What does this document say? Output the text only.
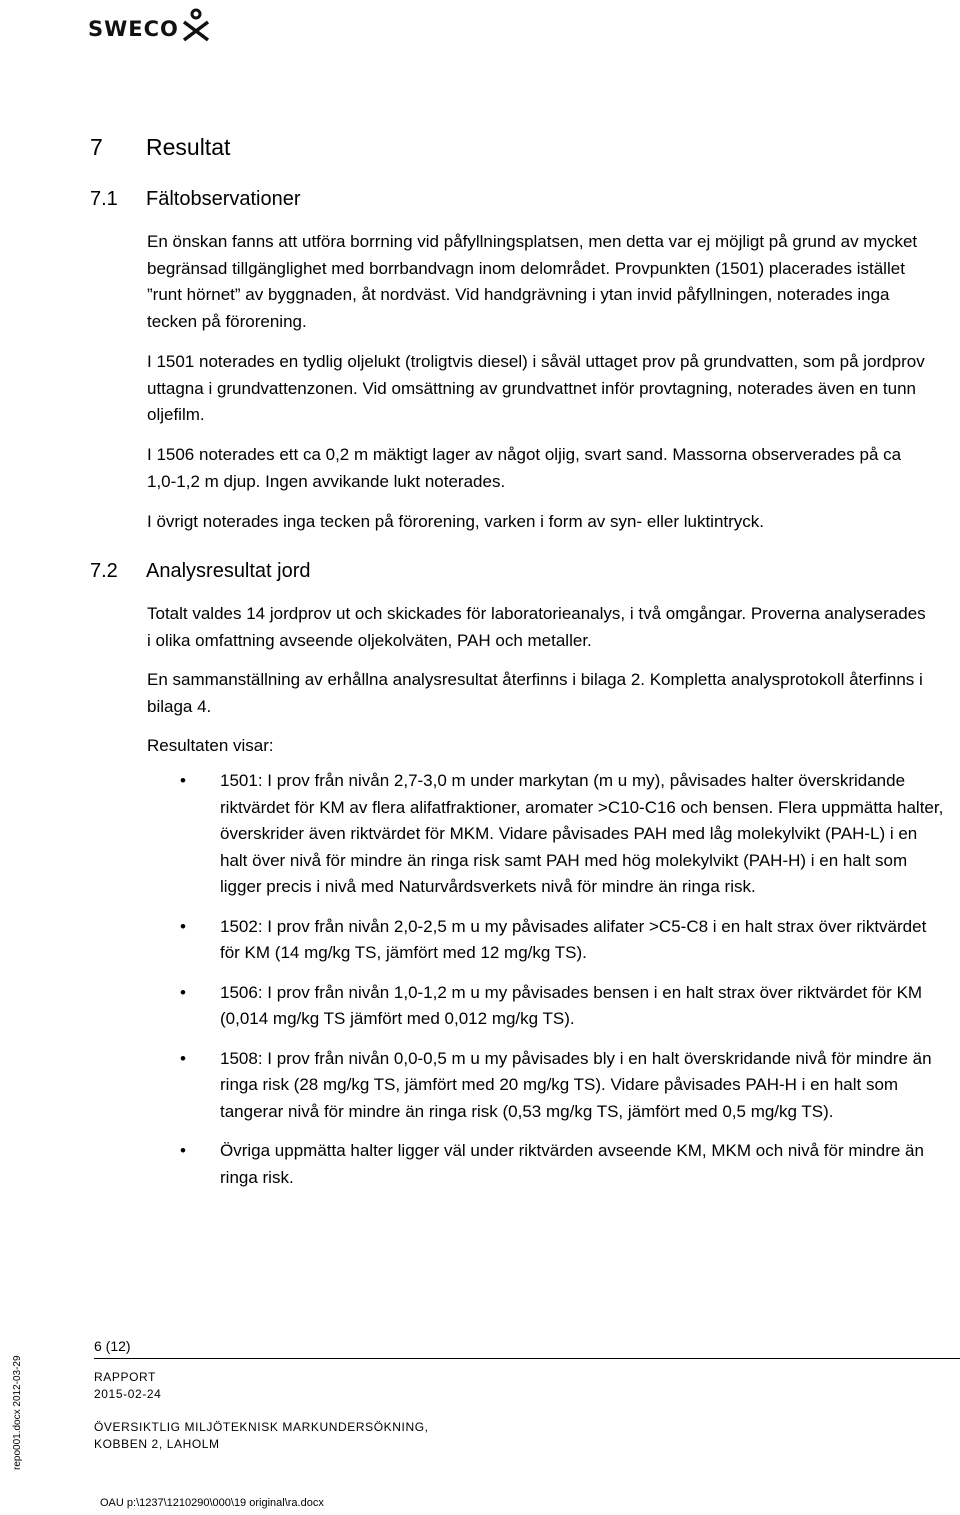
SWECO
7 Resultat
7.1 Fältobservationer

En önskan fanns att utföra borrning vid påfyllningsplatsen, men detta var ej möjligt på grund av mycket begränsad tillgänglighet med borrbandvagn inom delområdet. Provpunkten (1501) placerades istället ”runt hörnet” av byggnaden, åt nordväst. Vid handgrävning i ytan invid påfyllningen, noterades inga tecken på förorening.

I 1501 noterades en tydlig oljelukt (troligtvis diesel) i såväl uttaget prov på grundvatten, som på jordprov uttagna i grundvattenzonen. Vid omsättning av grundvattnet inför provtagning, noterades även en tunn oljefilm.

I 1506 noterades ett ca 0,2 m mäktigt lager av något oljig, svart sand. Massorna observerades på ca 1,0-1,2 m djup. Ingen avvikande lukt noterades.

I övrigt noterades inga tecken på förorening, varken i form av syn- eller luktintryck.

7.2 Analysresultat jord

Totalt valdes 14 jordprov ut och skickades för laboratorieanalys, i två omgångar. Proverna analyserades i olika omfattning avseende oljekolväten, PAH och metaller.

En sammanställning av erhållna analysresultat återfinns i bilaga 2. Kompletta analysprotokoll återfinns i bilaga 4.

Resultaten visar:

• 1501: I prov från nivån 2,7-3,0 m under markytan (m u my), påvisades halter överskridande riktvärdet för KM av flera alifatfraktioner, aromater >C10-C16 och bensen. Flera uppmätta halter, överskrider även riktvärdet för MKM. Vidare påvisades PAH med låg molekylvikt (PAH-L) i en halt över nivå för mindre än ringa risk samt PAH med hög molekylvikt (PAH-H) i en halt som ligger precis i nivå med Naturvårdsverkets nivå för mindre än ringa risk.
• 1502: I prov från nivån 2,0-2,5 m u my påvisades alifater >C5-C8 i en halt strax över riktvärdet för KM (14 mg/kg TS, jämfört med 12 mg/kg TS).
• 1506: I prov från nivån 1,0-1,2 m u my påvisades bensen i en halt strax över riktvärdet för KM (0,014 mg/kg TS jämfört med 0,012 mg/kg TS).
• 1508: I prov från nivån 0,0-0,5 m u my påvisades bly i en halt överskridande nivå för mindre än ringa risk (28 mg/kg TS, jämfört med 20 mg/kg TS). Vidare påvisades PAH-H i en halt som tangerar nivå för mindre än ringa risk (0,53 mg/kg TS, jämfört med 0,5 mg/kg TS).
• Övriga uppmätta halter ligger väl under riktvärden avseende KM, MKM och nivå för mindre än ringa risk.
6 (12)
RAPPORT
2015-02-24
ÖVERSIKTLIG MILJÖTEKNISK MARKUNDERSÖKNING,
KOBBEN 2, LAHOLM
OAU p:\1237\1210290\000\19 original\ra.docx
repo001.docx 2012-03-29
